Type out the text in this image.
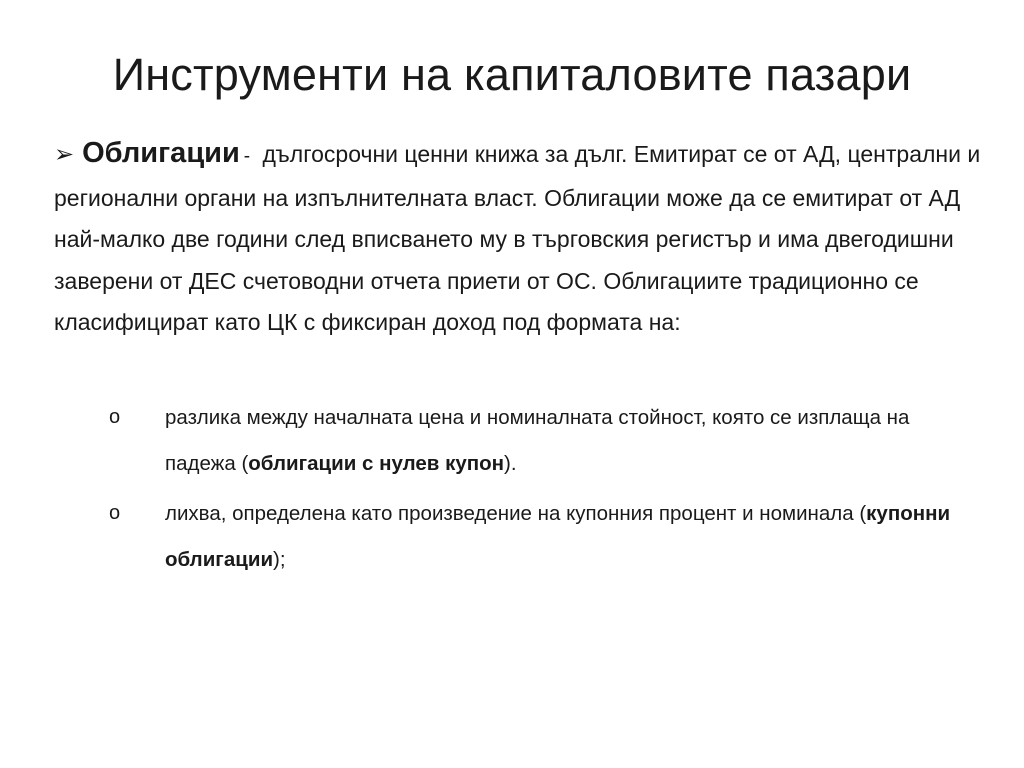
Инструменти на капиталовите пазари

➢ Облигации - дългосрочни ценни книжа за дълг. Емитират се от АД, централни и регионални органи на изпълнителната власт. Облигации може да се емитират от АД най-малко две години след вписването му в търговския регистър и има двегодишни заверени от ДЕС счетоводни отчета приети от ОС. Облигациите традиционно се класифицират като ЦК с фиксиран доход под формата на:

o разлика между началната цена и номиналната стойност, която се изплаща на падежа (облигации с нулев купон).
o лихва, определена като произведение на купонния процент и номинала (купонни облигации);
